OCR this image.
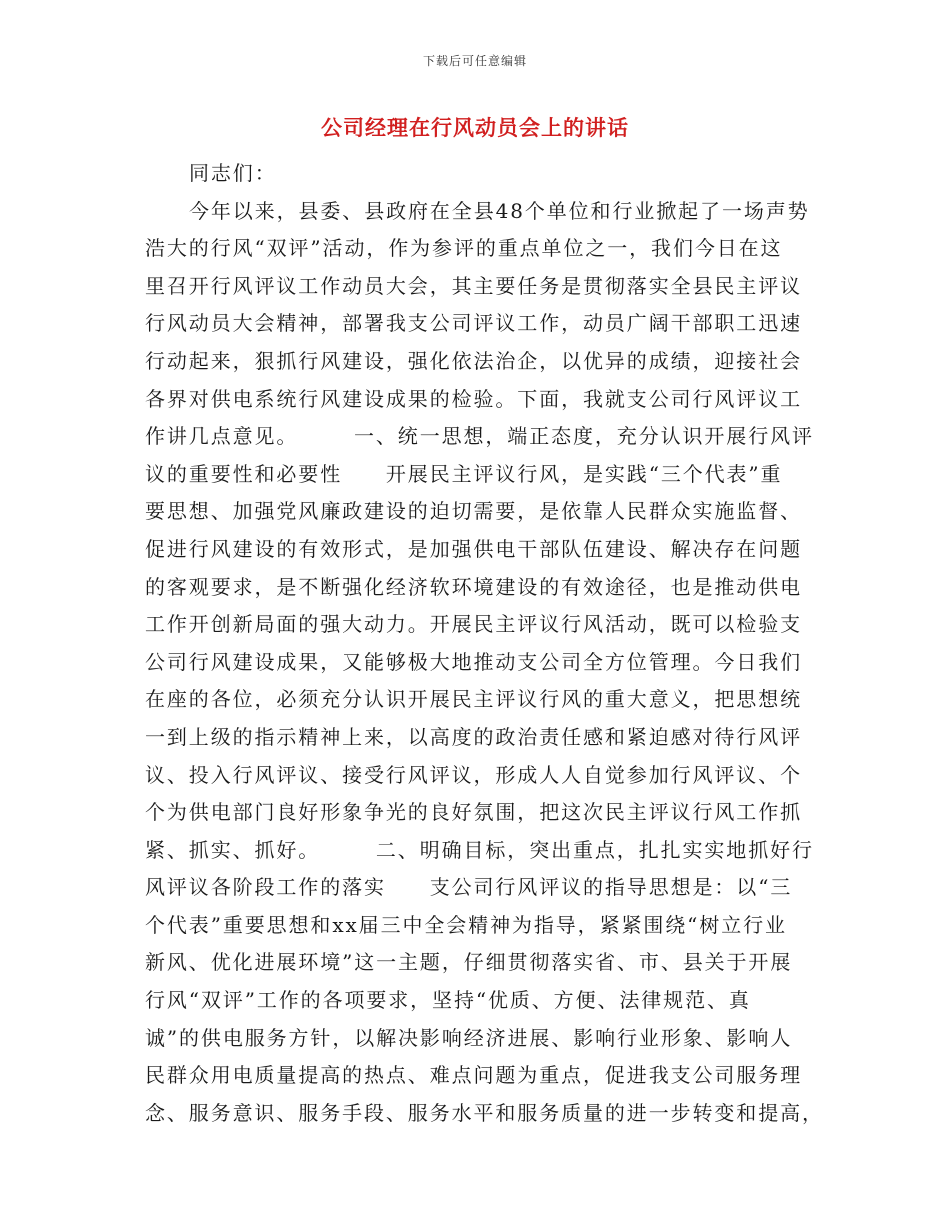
下载后可任意编辑
公司经理在行风动员会上的讲话
同志们：
今年以来，县委、县政府在全县48个单位和行业掀起了一场声势
浩大的行风“双评”活动，作为参评的重点单位之一，我们今日在这
里召开行风评议工作动员大会，其主要任务是贯彻落实全县民主评议
行风动员大会精神，部署我支公司评议工作，动员广阔干部职工迅速
行动起来，狠抓行风建设，强化依法治企，以优异的成绩，迎接社会
各界对供电系统行风建设成果的检验。下面，我就支公司行风评议工
作讲几点意见。　　　一、统一思想，端正态度，充分认识开展行风评
议的重要性和必要性　　开展民主评议行风，是实践“三个代表”重
要思想、加强党风廉政建设的迫切需要，是依靠人民群众实施监督、
促进行风建设的有效形式，是加强供电干部队伍建设、解决存在问题
的客观要求，是不断强化经济软环境建设的有效途径，也是推动供电
工作开创新局面的强大动力。开展民主评议行风活动，既可以检验支
公司行风建设成果，又能够极大地推动支公司全方位管理。今日我们
在座的各位，必须充分认识开展民主评议行风的重大意义，把思想统
一到上级的指示精神上来，以高度的政治责任感和紧迫感对待行风评
议、投入行风评议、接受行风评议，形成人人自觉参加行风评议、个
个为供电部门良好形象争光的良好氛围，把这次民主评议行风工作抓
紧、抓实、抓好。　　　二、明确目标，突出重点，扎扎实实地抓好行
风评议各阶段工作的落实　　支公司行风评议的指导思想是：以“三
个代表”重要思想和xx届三中全会精神为指导，紧紧围绕“树立行业
新风、优化进展环境”这一主题，仔细贯彻落实省、市、县关于开展
行风“双评”工作的各项要求，坚持“优质、方便、法律规范、真
诚”的供电服务方针，以解决影响经济进展、影响行业形象、影响人
民群众用电质量提高的热点、难点问题为重点，促进我支公司服务理
念、服务意识、服务手段、服务水平和服务质量的进一步转变和提高，
